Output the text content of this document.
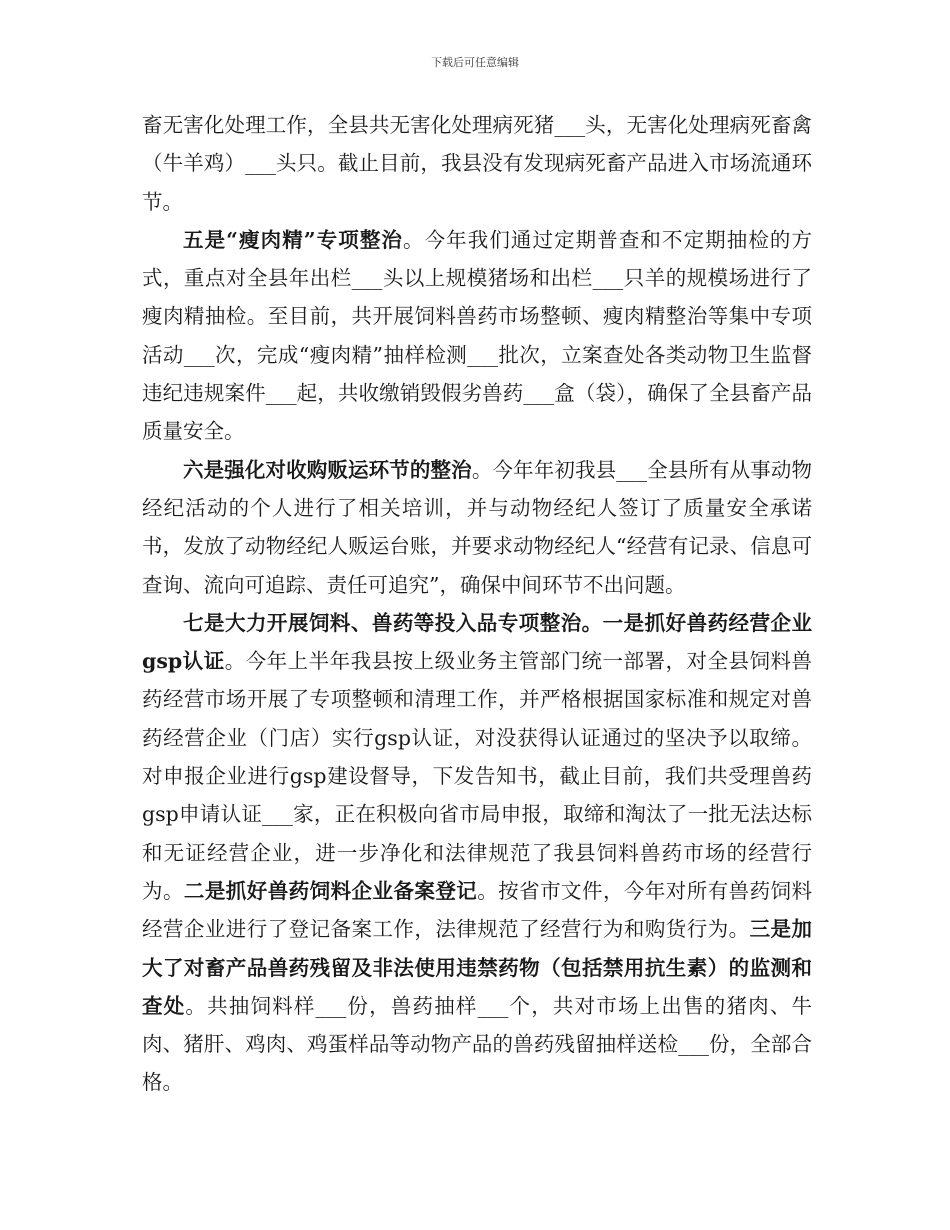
下载后可任意编辑

畜无害化处理工作，全县共无害化处理病死猪___头，无害化处理病死畜禽（牛羊鸡）___头只。截止目前，我县没有发现病死畜产品进入市场流通环节。

五是“瘦肉精”专项整治。今年我们通过定期普查和不定期抽检的方式，重点对全县年出栏___头以上规模猪场和出栏___只羊的规模场进行了瘦肉精抽检。至目前，共开展饲料兽药市场整顿、瘦肉精整治等集中专项活动___次，完成“瘦肉精”抽样检测___批次，立案查处各类动物卫生监督违纪违规案件___起，共收缴销毁假劣兽药___盒（袋），确保了全县畜产品质量安全。

六是强化对收购贩运环节的整治。今年年初我县___全县所有从事动物经纪活动的个人进行了相关培训，并与动物经纪人签订了质量安全承诺书，发放了动物经纪人贩运台账，并要求动物经纪人“经营有记录、信息可查询、流向可追踪、责任可追究”，确保中间环节不出问题。

七是大力开展饲料、兽药等投入品专项整治。一是抓好兽药经营企业gsp认证。今年上半年我县按上级业务主管部门统一部署，对全县饲料兽药经营市场开展了专项整顿和清理工作，并严格根据国家标准和规定对兽药经营企业（门店）实行gsp认证，对没获得认证通过的坚决予以取缔。对申报企业进行gsp建设督导，下发告知书，截止目前，我们共受理兽药gsp申请认证___家，正在积极向省市局申报，取缔和淘汰了一批无法达标和无证经营企业，进一步净化和法律规范了我县饲料兽药市场的经营行为。二是抓好兽药饲料企业备案登记。按省市文件，今年对所有兽药饲料经营企业进行了登记备案工作，法律规范了经营行为和购货行为。三是加大了对畜产品兽药残留及非法使用违禁药物（包括禁用抗生素）的监测和查处。共抽饲料样___份，兽药抽样___个，共对市场上出售的猪肉、牛肉、猪肝、鸡肉、鸡蛋样品等动物产品的兽药残留抽样送检___份，全部合格。
